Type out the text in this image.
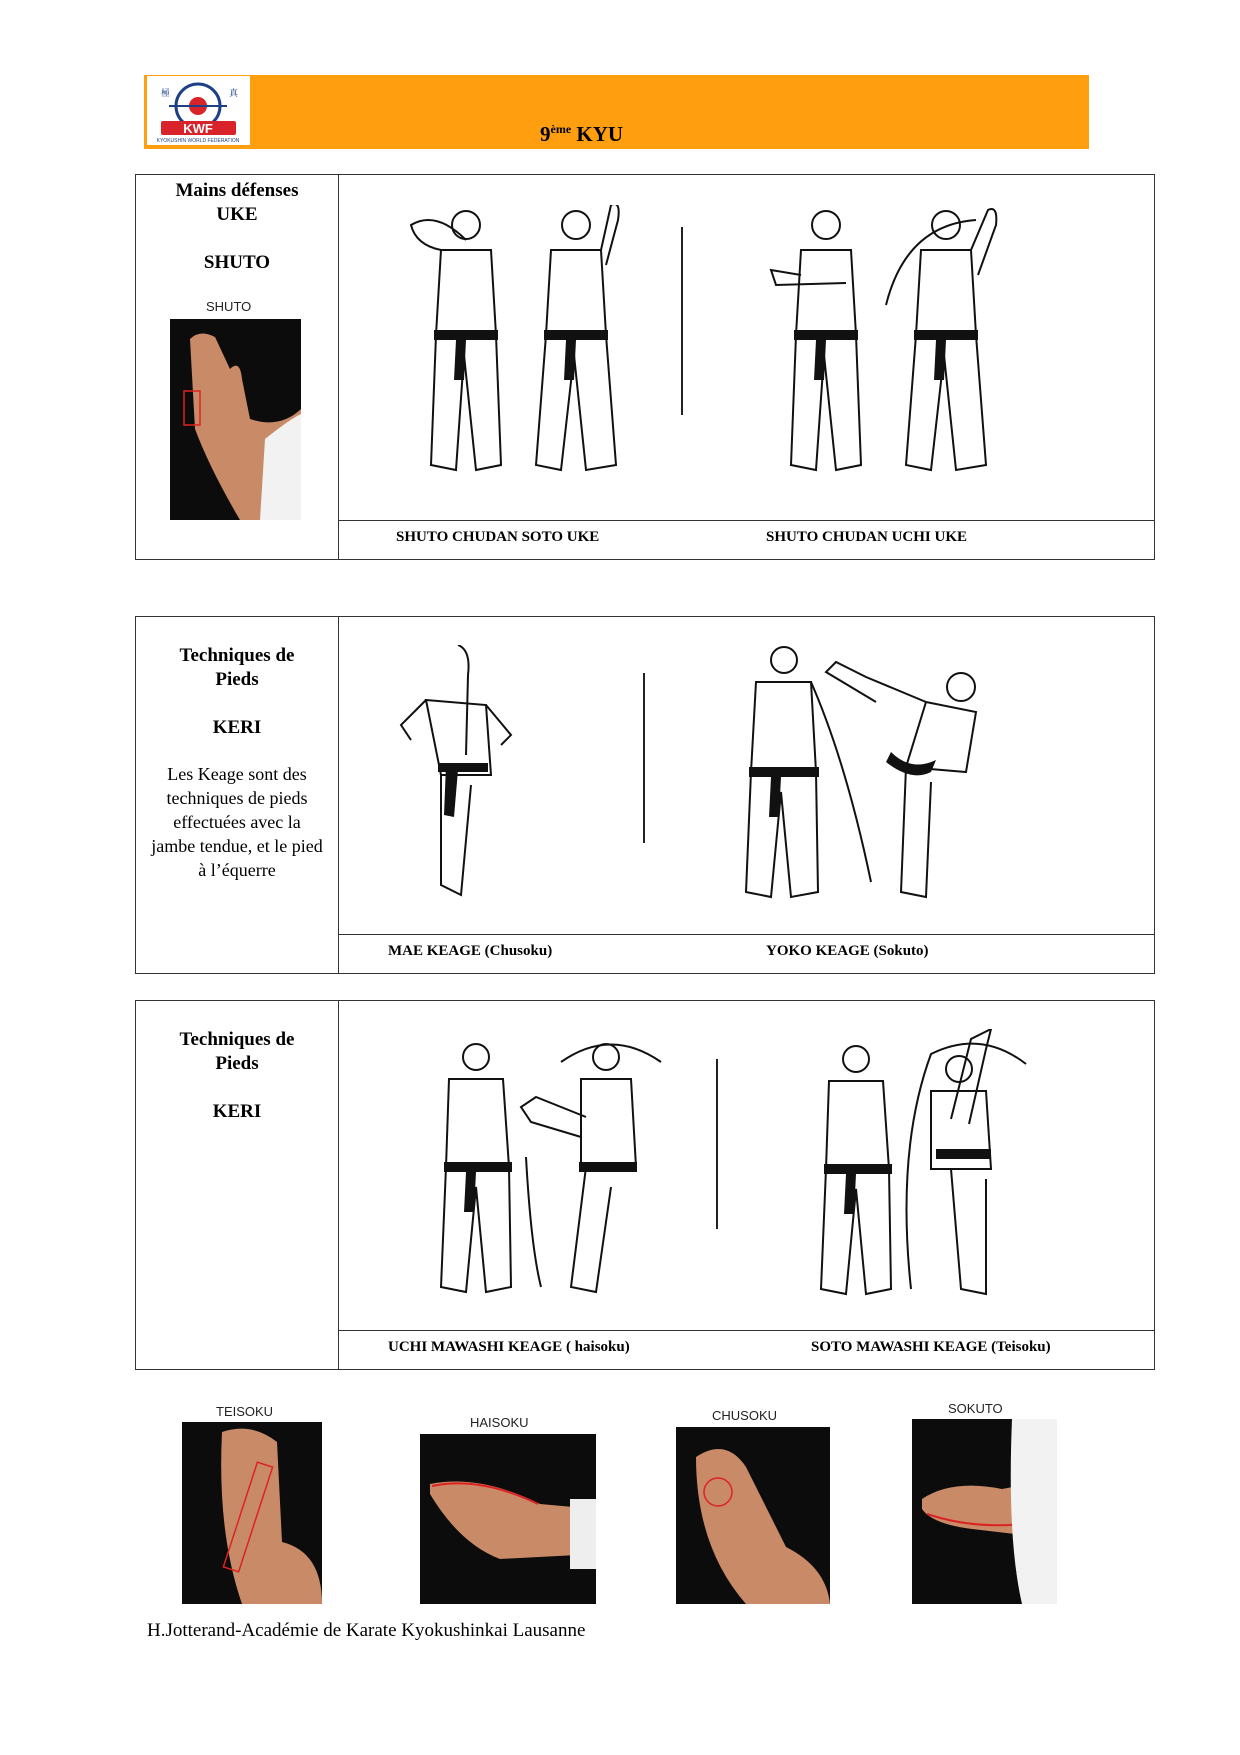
極	真
KWF
KYOKUSHIN WORLD FEDERATION	9ème KYU
Mains défenses
UKE
SHUTO
SHUTO
SHUTO CHUDAN SOTO UKE	SHUTO CHUDAN UCHI UKE
Techniques de
Pieds
KERI
Les Keage sont des techniques de pieds effectuées avec la jambe tendue, et le pied à l’équerre
MAE KEAGE (Chusoku)	YOKO KEAGE (Sokuto)
Techniques de
Pieds
KERI
UCHI MAWASHI KEAGE ( haisoku)	SOTO MAWASHI KEAGE (Teisoku)
TEISOKU
HAISOKU	CHUSOKU	SOKUTO
H.Jotterand-Académie de Karate Kyokushinkai Lausanne
